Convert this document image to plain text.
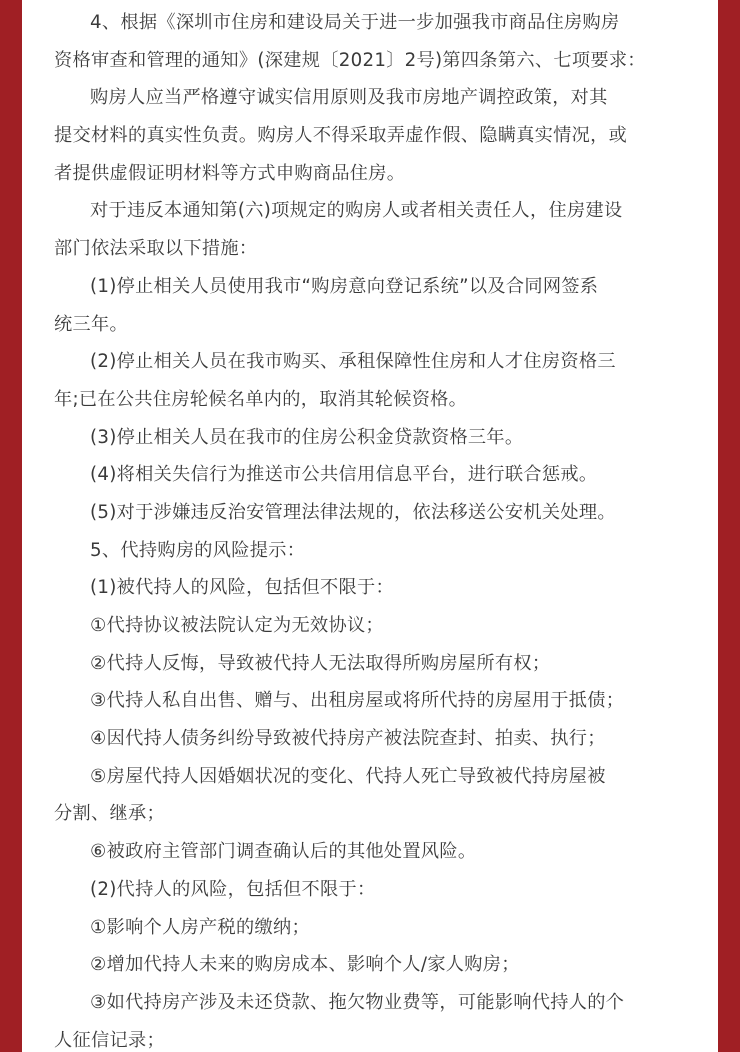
4、根据《深圳市住房和建设局关于进一步加强我市商品住房购房
资格审查和管理的通知》(深建规〔2021〕2号)第四条第六、七项要求：
购房人应当严格遵守诚实信用原则及我市房地产调控政策，对其
提交材料的真实性负责。购房人不得采取弄虚作假、隐瞒真实情况，或
者提供虚假证明材料等方式申购商品住房。
对于违反本通知第(六)项规定的购房人或者相关责任人，住房建设
部门依法采取以下措施：
(1)停止相关人员使用我市“购房意向登记系统”以及合同网签系
统三年。
(2)停止相关人员在我市购买、承租保障性住房和人才住房资格三
年;已在公共住房轮候名单内的，取消其轮候资格。
(3)停止相关人员在我市的住房公积金贷款资格三年。
(4)将相关失信行为推送市公共信用信息平台，进行联合惩戒。
(5)对于涉嫌违反治安管理法律法规的，依法移送公安机关处理。
5、代持购房的风险提示：
(1)被代持人的风险，包括但不限于：
①代持协议被法院认定为无效协议；
②代持人反悔，导致被代持人无法取得所购房屋所有权；
③代持人私自出售、赠与、出租房屋或将所代持的房屋用于抵债；
④因代持人债务纠纷导致被代持房产被法院查封、拍卖、执行；
⑤房屋代持人因婚姻状况的变化、代持人死亡导致被代持房屋被
分割、继承；
⑥被政府主管部门调查确认后的其他处置风险。
(2)代持人的风险，包括但不限于：
①影响个人房产税的缴纳；
②增加代持人未来的购房成本、影响个人/家人购房；
③如代持房产涉及未还贷款、拖欠物业费等，可能影响代持人的个
人征信记录；
